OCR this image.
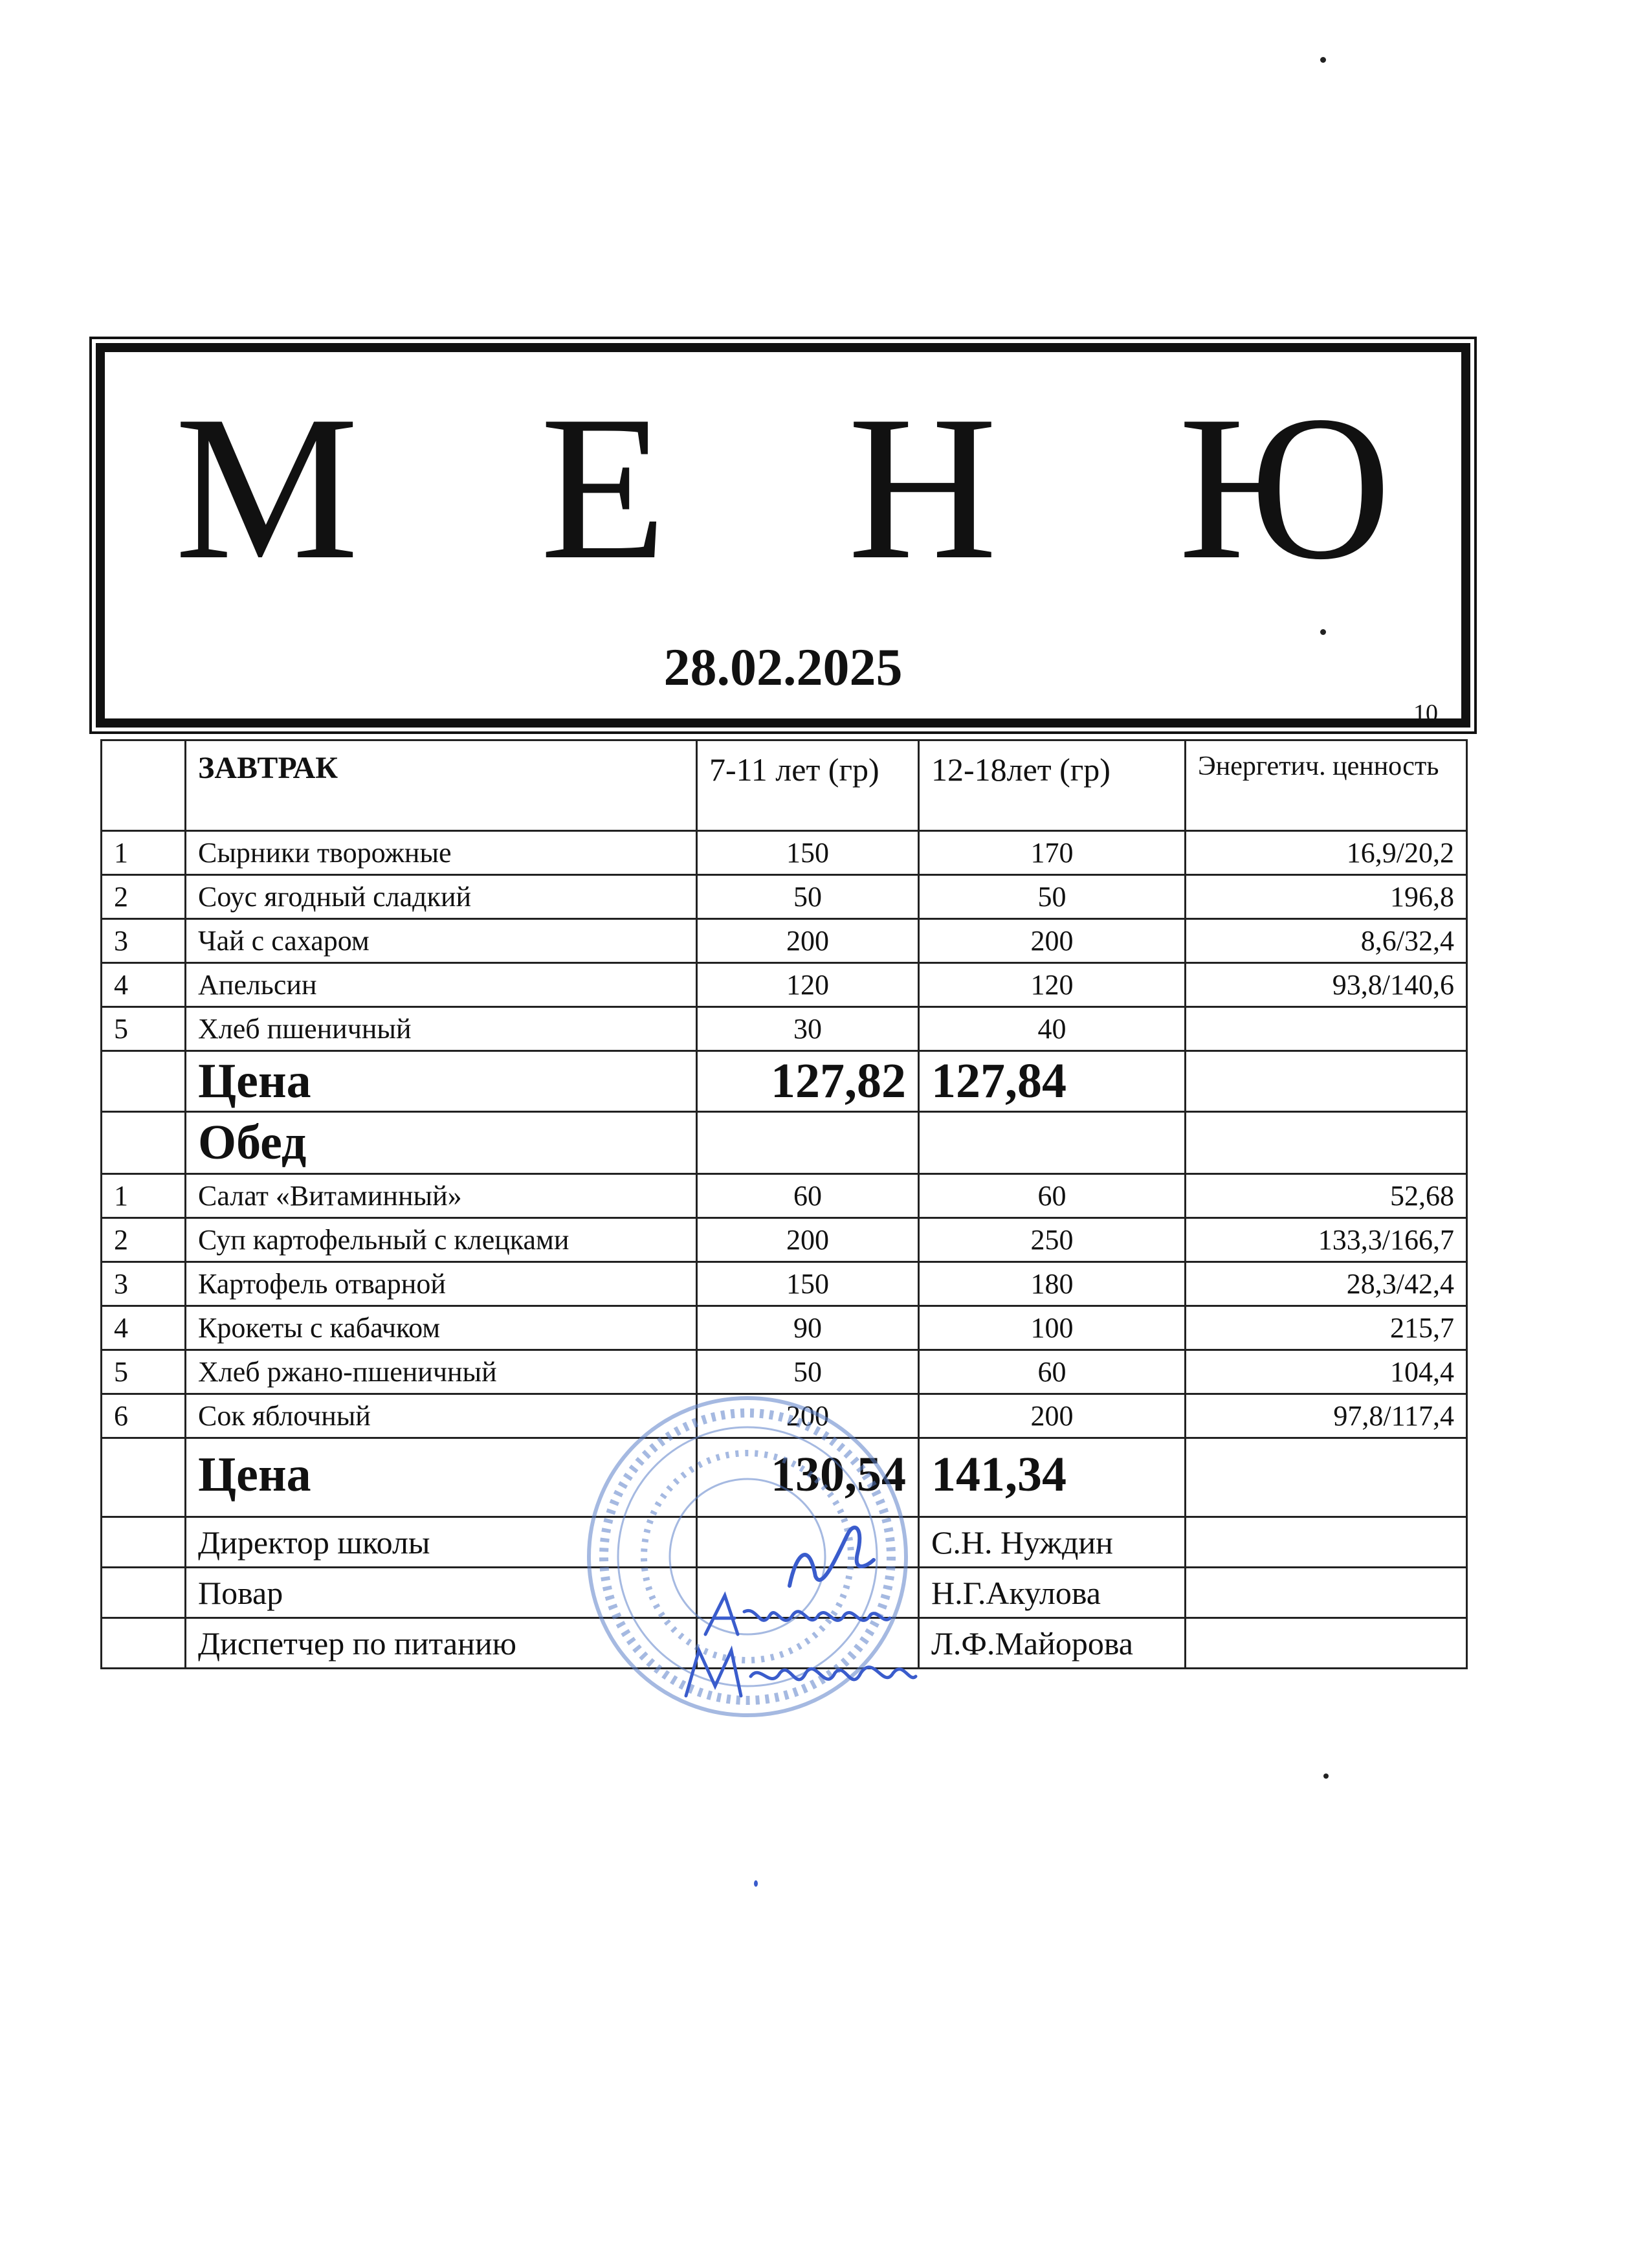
М Е Н Ю
28.02.2025
10
	ЗАВТРАК	7-11 лет (гр)	12-18лет (гр)	Энергетич. ценность
1	Сырники творожные	150	170	16,9/20,2
2	Соус ягодный сладкий	50	50	196,8
3	Чай с сахаром	200	200	8,6/32,4
4	Апельсин	120	120	93,8/140,6
5	Хлеб пшеничный	30	40	
	Цена	127,82	127,84	
	Обед			
1	Салат «Витаминный»	60	60	52,68
2	Суп картофельный с клецками	200	250	133,3/166,7
3	Картофель отварной	150	180	28,3/42,4
4	Крокеты с кабачком	90	100	215,7
5	Хлеб ржано-пшеничный	50	60	104,4
6	Сок яблочный	200	200	97,8/117,4
	Цена	130,54	141,34	
	Директор школы		С.Н. Нуждин	
	Повар		Н.Г.Акулова	
	Диспетчер по питанию		Л.Ф.Майорова	
